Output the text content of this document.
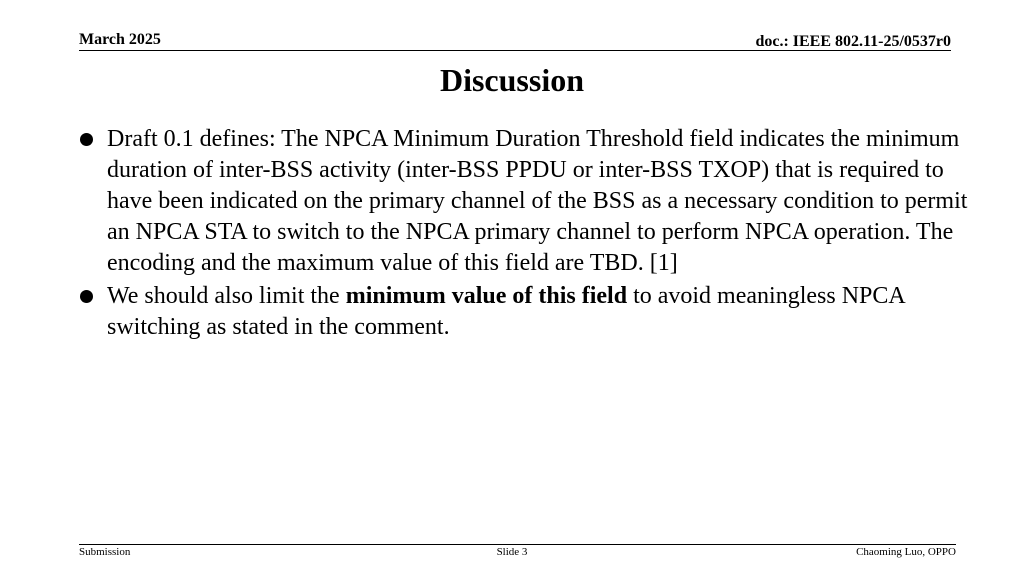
March 2025	doc.: IEEE 802.11-25/0537r0
Discussion
Draft 0.1 defines: The NPCA Minimum Duration Threshold field indicates the minimum duration of inter-BSS activity (inter-BSS PPDU or inter-BSS TXOP) that is required to have been indicated on the primary channel of the BSS as a necessary condition to permit an NPCA STA to switch to the NPCA primary channel to perform NPCA operation. The encoding and the maximum value of this field are TBD. [1]
We should also limit the minimum value of this field to avoid meaningless NPCA switching as stated in the comment.
Submission	Slide 3	Chaoming Luo, OPPO
